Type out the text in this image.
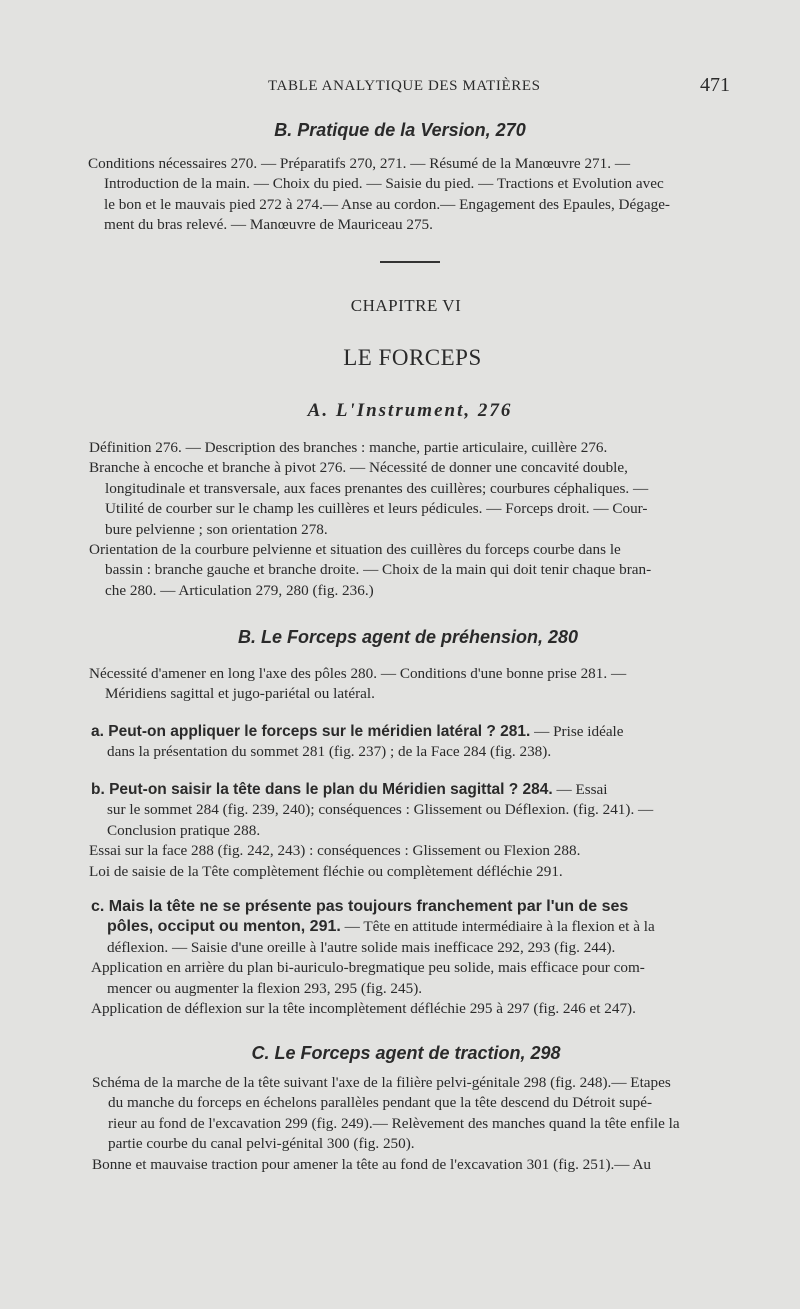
TABLE ANALYTIQUE DES MATIÈRES	471
B. Pratique de la Version, 270
Conditions nécessaires 270. — Préparatifs 270, 271. — Résumé de la Manœuvre 271. —
Introduction de la main. — Choix du pied. — Saisie du pied. — Tractions et Evolution avec
le bon et le mauvais pied 272 à 274.— Anse au cordon.— Engagement des Epaules, Dégage-
ment du bras relevé. — Manœuvre de Mauriceau 275.
CHAPITRE VI
LE FORCEPS
A. L'Instrument, 276
Définition 276. — Description des branches : manche, partie articulaire, cuillère 276.
Branche à encoche et branche à pivot 276. — Nécessité de donner une concavité double,
longitudinale et transversale, aux faces prenantes des cuillères; courbures céphaliques. —
Utilité de courber sur le champ les cuillères et leurs pédicules. — Forceps droit. — Cour-
bure pelvienne ; son orientation 278.
Orientation de la courbure pelvienne et situation des cuillères du forceps courbe dans le
bassin : branche gauche et branche droite. — Choix de la main qui doit tenir chaque bran-
che 280. — Articulation 279, 280 (fig. 236.)
B. Le Forceps agent de préhension, 280
Nécessité d'amener en long l'axe des pôles 280. — Conditions d'une bonne prise 281. —
Méridiens sagittal et jugo-pariétal ou latéral.
a. Peut-on appliquer le forceps sur le méridien latéral ? 281. — Prise idéale
dans la présentation du sommet 281 (fig. 237) ; de la Face 284 (fig. 238).
b. Peut-on saisir la tête dans le plan du Méridien sagittal ? 284. — Essai
sur le sommet 284 (fig. 239, 240); conséquences : Glissement ou Déflexion. (fig. 241). —
Conclusion pratique 288.
Essai sur la face 288 (fig. 242, 243) : conséquences : Glissement ou Flexion 288.
Loi de saisie de la Tête complètement fléchie ou complètement défléchie 291.
c. Mais la tête ne se présente pas toujours franchement par l'un de ses
pôles, occiput ou menton, 291. — Tête en attitude intermédiaire à la flexion et à la
déflexion. — Saisie d'une oreille à l'autre solide mais inefficace 292, 293 (fig. 244).
Application en arrière du plan bi-auriculo-bregmatique peu solide, mais efficace pour com-
mencer ou augmenter la flexion 293, 295 (fig. 245).
Application de déflexion sur la tête incomplètement défléchie 295 à 297 (fig. 246 et 247).
C. Le Forceps agent de traction, 298
Schéma de la marche de la tête suivant l'axe de la filière pelvi-génitale 298 (fig. 248).— Etapes
du manche du forceps en échelons parallèles pendant que la tête descend du Détroit supé-
rieur au fond de l'excavation 299 (fig. 249).— Relèvement des manches quand la tête enfile la
partie courbe du canal pelvi-génital 300 (fig. 250).
Bonne et mauvaise traction pour amener la tête au fond de l'excavation 301 (fig. 251).— Au
